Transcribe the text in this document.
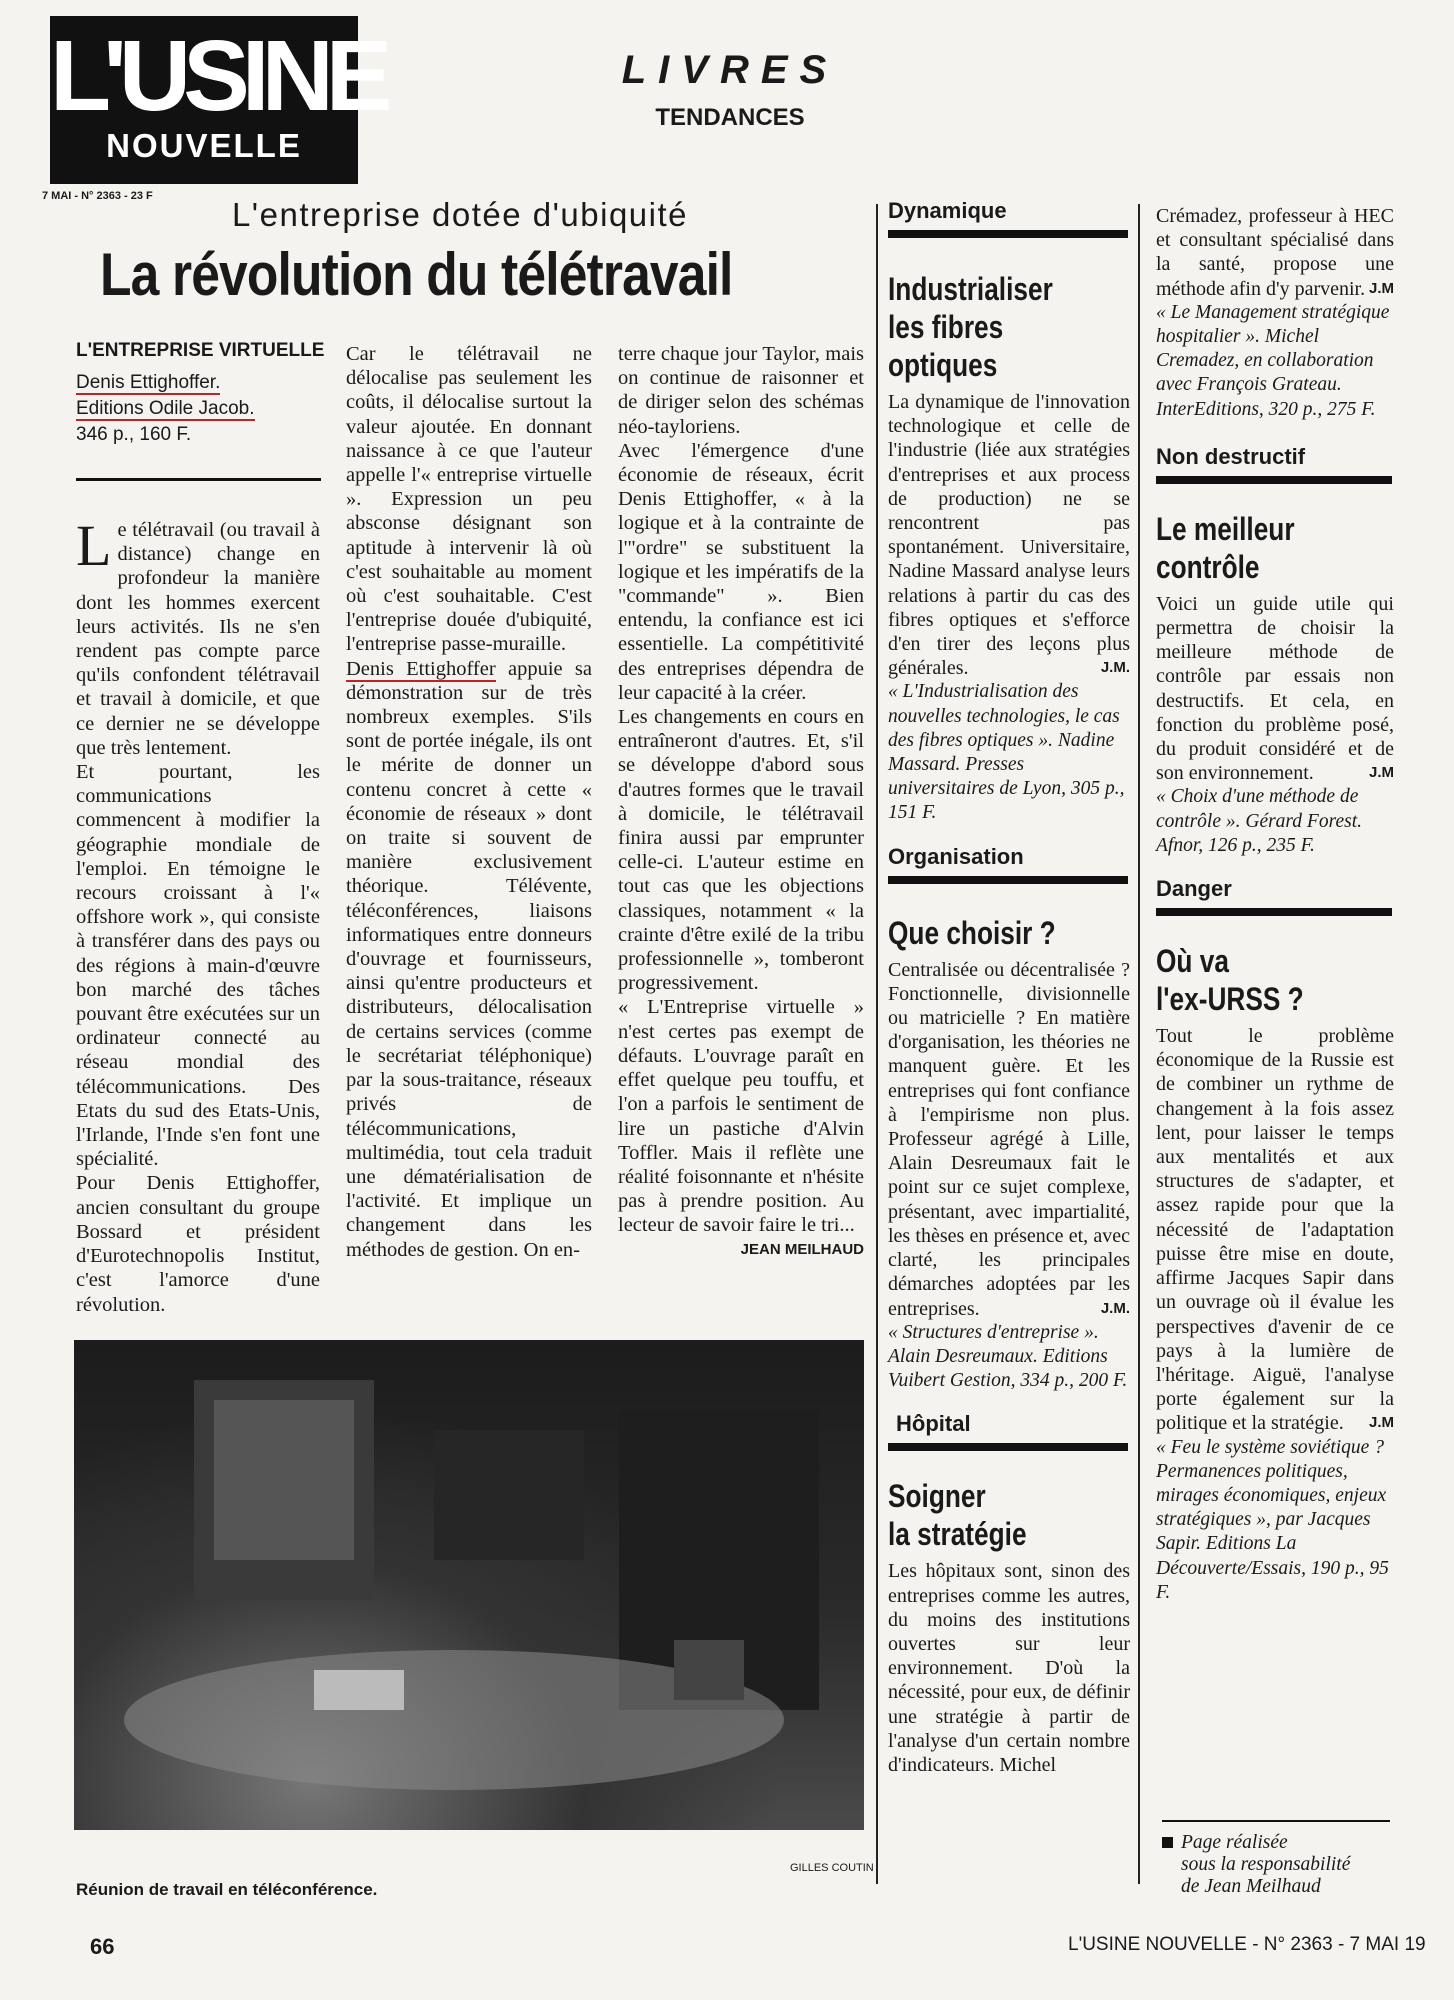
L'USINE
NOUVELLE
7 MAI - N° 2363 - 23 F
LIVRES
TENDANCES
L'entreprise dotée d'ubiquité
La révolution du télétravail
L'ENTREPRISE VIRTUELLE
Denis Ettighoffer.
Editions Odile Jacob.
346 p., 160 F.

Le télétravail (ou travail à distance) change en profondeur la manière dont les hommes exercent leurs activités. Ils ne s'en rendent pas compte parce qu'ils confondent télétravail et travail à domicile, et que ce dernier ne se développe que très lentement.

Et pourtant, les communications commencent à modifier la géographie mondiale de l'emploi. En témoigne le recours croissant à l'« offshore work », qui consiste à transférer dans des pays ou des régions à main-d'œuvre bon marché des tâches pouvant être exécutées sur un ordinateur connecté au réseau mondial des télécommunications. Des Etats du sud des Etats-Unis, l'Irlande, l'Inde s'en font une spécialité.

Pour Denis Ettighoffer, ancien consultant du groupe Bossard et président d'Eurotechnopolis Institut, c'est l'amorce d'une révolution.

Car le télétravail ne délocalise pas seulement les coûts, il délocalise surtout la valeur ajoutée. En donnant naissance à ce que l'auteur appelle l'« entreprise virtuelle ». Expression un peu absconse désignant son aptitude à intervenir là où c'est souhaitable au moment où c'est souhaitable. C'est l'entreprise douée d'ubiquité, l'entreprise passe-muraille.

Denis Ettighoffer appuie sa démonstration sur de très nombreux exemples. S'ils sont de portée inégale, ils ont le mérite de donner un contenu concret à cette « économie de réseaux » dont on traite si souvent de manière exclusivement théorique. Télévente, téléconférences, liaisons informatiques entre donneurs d'ouvrage et fournisseurs, ainsi qu'entre producteurs et distributeurs, délocalisation de certains services (comme le secrétariat téléphonique) par la sous-traitance, réseaux privés de télécommunications, multimédia, tout cela traduit une dématérialisation de l'activité. Et implique un changement dans les méthodes de gestion. On en-

terre chaque jour Taylor, mais on continue de raisonner et de diriger selon des schémas néo-tayloriens.

Avec l'émergence d'une économie de réseaux, écrit Denis Ettighoffer, « à la logique et à la contrainte de l'"ordre" se substituent la logique et les impératifs de la "commande" ». Bien entendu, la confiance est ici essentielle. La compétitivité des entreprises dépendra de leur capacité à la créer.

Les changements en cours en entraîneront d'autres. Et, s'il se développe d'abord sous d'autres formes que le travail à domicile, le télétravail finira aussi par emprunter celle-ci. L'auteur estime en tout cas que les objections classiques, notamment « la crainte d'être exilé de la tribu professionnelle », tomberont progressivement.

« L'Entreprise virtuelle » n'est certes pas exempt de défauts. L'ouvrage paraît en effet quelque peu touffu, et l'on a parfois le sentiment de lire un pastiche d'Alvin Toffler. Mais il reflète une réalité foisonnante et n'hésite pas à prendre position. Au lecteur de savoir faire le tri...
JEAN MEILHAUD

Réunion de travail en téléconférence.
GILLES COUTIN
Dynamique
Industrialiser
les fibres
optiques
La dynamique de l'innovation technologique et celle de l'industrie (liée aux stratégies d'entreprises et aux process de production) ne se rencontrent pas spontanément. Universitaire, Nadine Massard analyse leurs relations à partir du cas des fibres optiques et s'efforce d'en tirer des leçons plus générales.	J.M.
« L'Industrialisation des nouvelles technologies, le cas des fibres optiques ». Nadine Massard. Presses universitaires de Lyon, 305 p., 151 F.
Organisation
Que choisir ?
Centralisée ou décentralisée ? Fonctionnelle, divisionnelle ou matricielle ? En matière d'organisation, les théories ne manquent guère. Et les entreprises qui font confiance à l'empirisme non plus. Professeur agrégé à Lille, Alain Desreumaux fait le point sur ce sujet complexe, présentant, avec impartialité, les thèses en présence et, avec clarté, les principales démarches adoptées par les entreprises.	J.M.
« Structures d'entreprise ». Alain Desreumaux. Editions Vuibert Gestion, 334 p., 200 F.
Hôpital
Soigner
la stratégie
Les hôpitaux sont, sinon des entreprises comme les autres, du moins des institutions ouvertes sur leur environnement. D'où la nécessité, pour eux, de définir une stratégie à partir de l'analyse d'un certain nombre d'indicateurs. Michel
Crémadez, professeur à HEC et consultant spécialisé dans la santé, propose une méthode afin d'y parvenir. J.M
« Le Management stratégique hospitalier ». Michel Cremadez, en collaboration avec François Grateau. InterEditions, 320 p., 275 F.
Non destructif
Le meilleur
contrôle
Voici un guide utile qui permettra de choisir la meilleure méthode de contrôle par essais non destructifs. Et cela, en fonction du problème posé, du produit considéré et de son environnement.	J.M
« Choix d'une méthode de contrôle ». Gérard Forest. Afnor, 126 p., 235 F.
Danger
Où va
l'ex-URSS ?
Tout le problème économique de la Russie est de combiner un rythme de changement à la fois assez lent, pour laisser le temps aux mentalités et aux structures de s'adapter, et assez rapide pour que la nécessité de l'adaptation puisse être mise en doute, affirme Jacques Sapir dans un ouvrage où il évalue les perspectives d'avenir de ce pays à la lumière de l'héritage. Aiguë, l'analyse porte également sur la politique et la stratégie. J.M
« Feu le système soviétique ? Permanences politiques, mirages économiques, enjeux stratégiques », par Jacques Sapir. Editions La Découverte/Essais, 190 p., 95 F.
Page réalisée
sous la responsabilité
de Jean Meilhaud
66	L'USINE NOUVELLE - N° 2363 - 7 MAI 19
